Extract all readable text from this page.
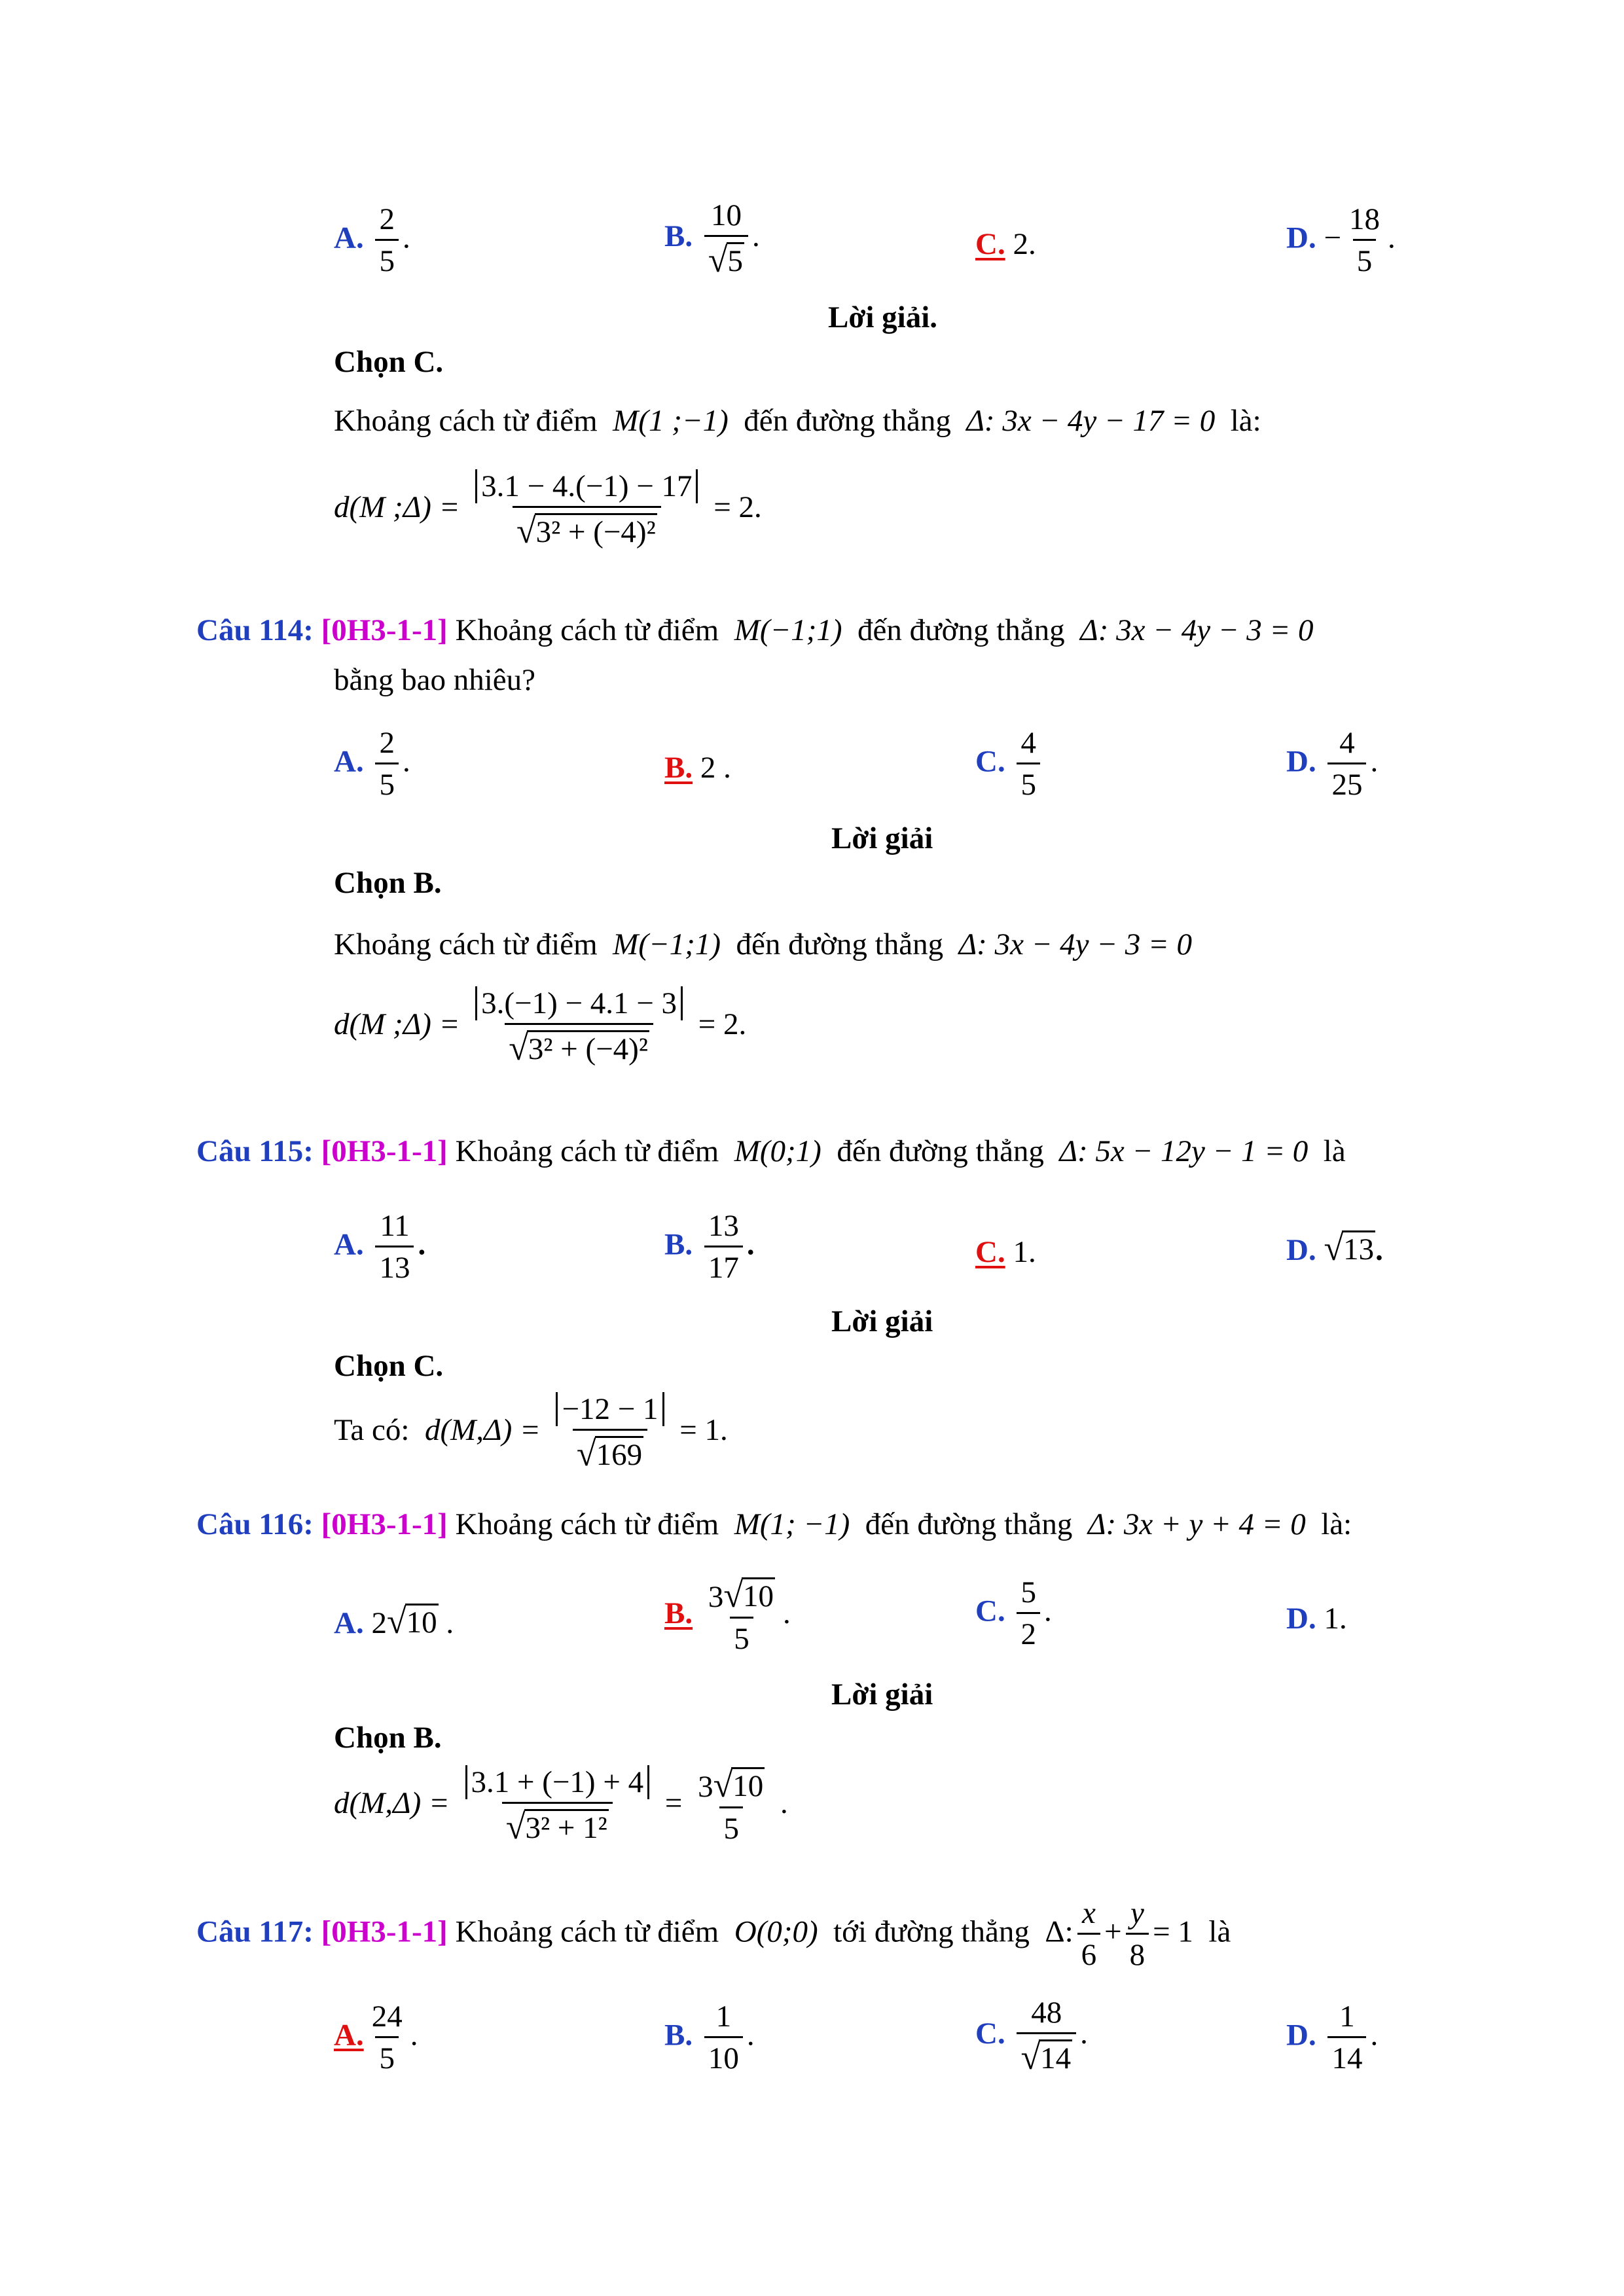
A. $\frac{2}{5}$ .	B. $\frac{10}{√ 5}$ .	C. 2.	D. − $\frac{18}{5}$ .
Lời giải.
Chọn C.
Khoảng cách từ điểm M(1 ;−1) đến đường thẳng Δ: 3x − 4y − 17 = 0 là:
d(M ;Δ) = $\frac{3.1 - 4.(-1) - 17}{\text{√ 3² + (−4)²}} = 2$.
Câu 114: [0H3-1-1] Khoảng cách từ điểm M(−1;1) đến đường thẳng Δ: 3x − 4y − 3 = 0
bằng bao nhiêu?
A. $\frac{2}{5}$ .	B. 2 .	C. $\frac{4}{5}$	D. $\frac{4}{25}$ .
Lời giải
Chọn B.
Khoảng cách từ điểm M(−1;1) đến đường thẳng Δ: 3x − 4y − 3 = 0
d(M ;Δ) = $\frac{3.(-1) - 4.1 - 3}{\text{√ 3² + (−4)²}} = 2$.
Câu 115: [0H3-1-1] Khoảng cách từ điểm M(0;1) đến đường thẳng Δ: 5x − 12y − 1 = 0 là
A. $\frac{11}{13}$ .	B. $\frac{13}{17}$ .	C. 1.	D. √ 13 .
Lời giải
Chọn C.
Ta có: $d(M,\Delta) = \frac{-12 - 1}{√ 169} = 1$.
Câu 116: [0H3-1-1] Khoảng cách từ điểm M(1; −1) đến đường thẳng Δ: 3x + y + 4 = 0 là:
A. 2 √ 10 .	B. $\frac{3 √ 10}{5}$ .	C. $\frac{5}{2}$ .	D. 1.
Lời giải
Chọn B.
$d(M,\Delta) = \frac{3.1 + (-1) + 4}{\text{√ 3² + 1²}} = \frac{3 √ 10}{5}$ .
Câu 117: [0H3-1-1] Khoảng cách từ điểm O(0;0) tới đường thẳng Δ: $\frac{x}{6} + \frac{y}{8} = 1$ là
A. $\frac{24}{5}$ .	B. $\frac{1}{10}$ .	C. $\frac{48}{√ 14}$ .	D. $\frac{1}{14}$ .
